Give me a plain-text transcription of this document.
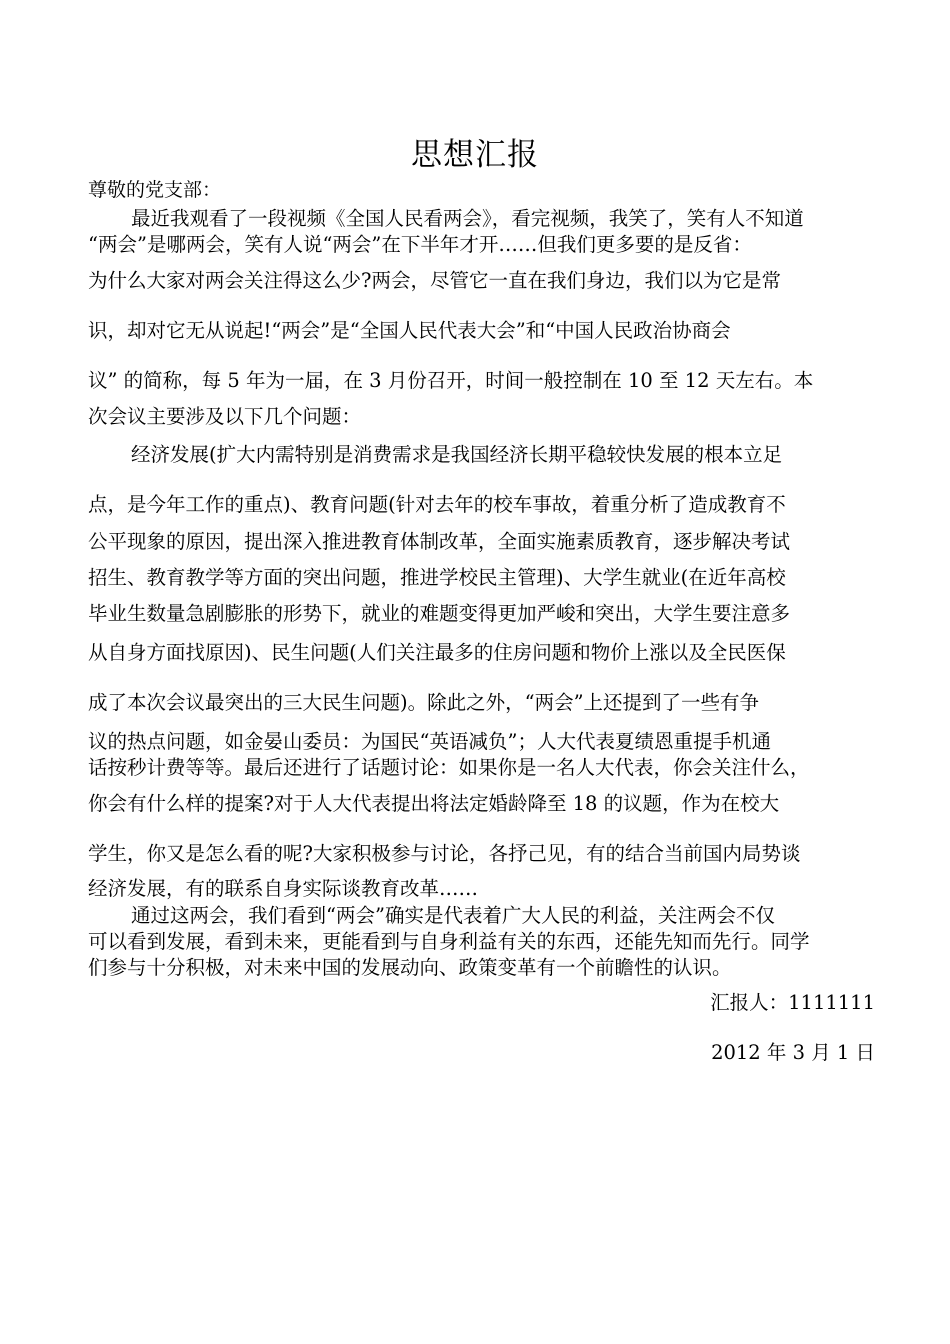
思想汇报
尊敬的党支部：
最近我观看了一段视频《全国人民看两会》，看完视频，我笑了，笑有人不知道
“两会”是哪两会，笑有人说“两会”在下半年才开……但我们更多要的是反省：
为什么大家对两会关注得这么少?两会，尽管它一直在我们身边，我们以为它是常
识，却对它无从说起!“两会”是“全国人民代表大会”和“中国人民政治协商会
议” 的简称，每 5 年为一届，在 3 月份召开，时间一般控制在 10 至 12 天左右。本
次会议主要涉及以下几个问题：
经济发展(扩大内需特别是消费需求是我国经济长期平稳较快发展的根本立足
点，是今年工作的重点)、教育问题(针对去年的校车事故，着重分析了造成教育不
公平现象的原因，提出深入推进教育体制改革，全面实施素质教育，逐步解决考试
招生、教育教学等方面的突出问题，推进学校民主管理)、大学生就业(在近年高校
毕业生数量急剧膨胀的形势下，就业的难题变得更加严峻和突出，大学生要注意多
从自身方面找原因)、民生问题(人们关注最多的住房问题和物价上涨以及全民医保
成了本次会议最突出的三大民生问题)。除此之外，“两会”上还提到了一些有争
议的热点问题，如金晏山委员：为国民“英语减负”；人大代表夏绩恩重提手机通
话按秒计费等等。最后还进行了话题讨论：如果你是一名人大代表，你会关注什么，
你会有什么样的提案?对于人大代表提出将法定婚龄降至 18 的议题，作为在校大
学生，你又是怎么看的呢?大家积极参与讨论，各抒己见，有的结合当前国内局势谈
经济发展，有的联系自身实际谈教育改革……
通过这两会，我们看到“两会”确实是代表着广大人民的利益，关注两会不仅
可以看到发展，看到未来，更能看到与自身利益有关的东西，还能先知而先行。同学
们参与十分积极，对未来中国的发展动向、政策变革有一个前瞻性的认识。
汇报人：1111111
2012 年 3 月 1 日
